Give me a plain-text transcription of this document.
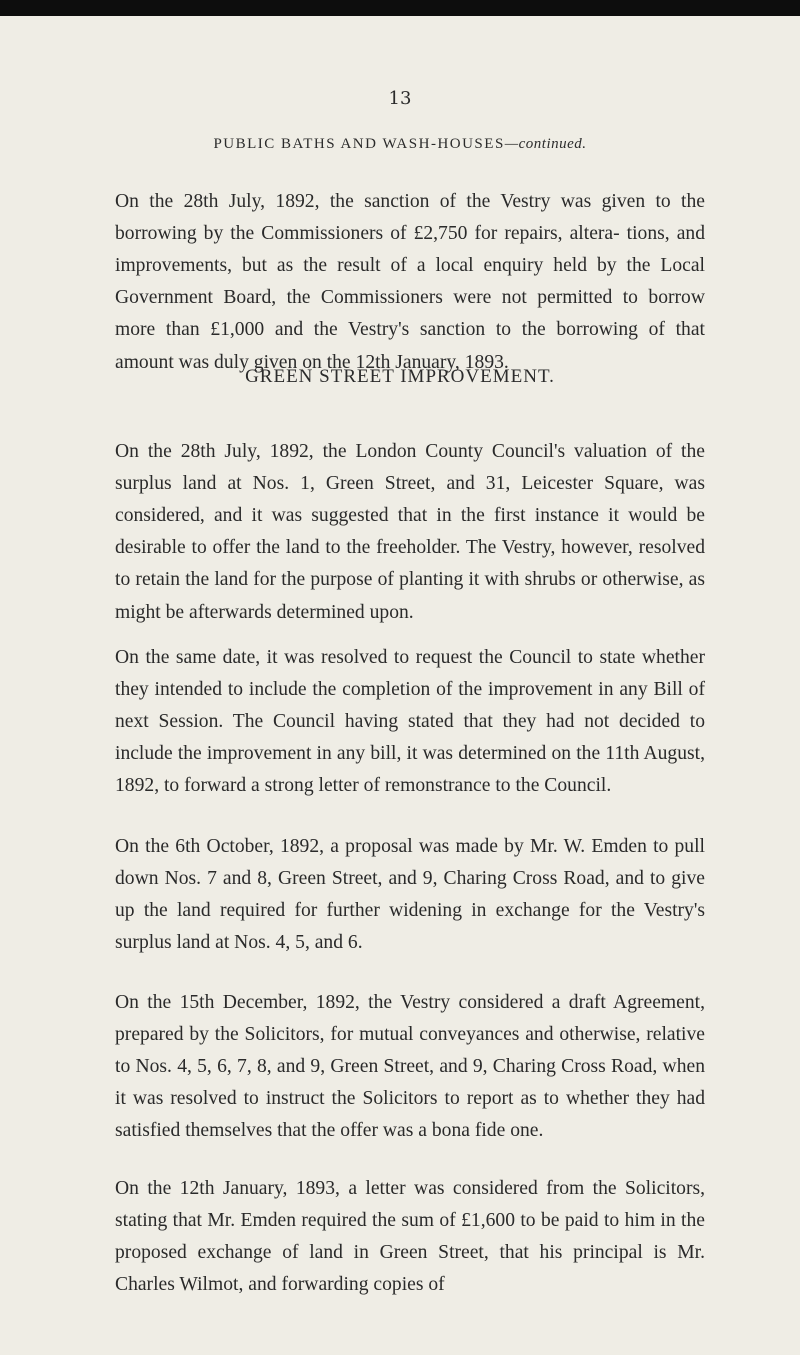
13
PUBLIC BATHS AND WASH-HOUSES—continued.

On the 28th July, 1892, the sanction of the Vestry was given to the borrowing by the Commissioners of £2,750 for repairs, altera- tions, and improvements, but as the result of a local enquiry held by the Local Government Board, the Commissioners were not permitted to borrow more than £1,000 and the Vestry's sanction to the borrowing of that amount was duly given on the 12th January, 1893.

GREEN STREET IMPROVEMENT.

On the 28th July, 1892, the London County Council's valuation of the surplus land at Nos. 1, Green Street, and 31, Leicester Square, was considered, and it was suggested that in the first instance it would be desirable to offer the land to the freeholder. The Vestry, however, resolved to retain the land for the purpose of planting it with shrubs or otherwise, as might be afterwards determined upon.

On the same date, it was resolved to request the Council to state whether they intended to include the completion of the improvement in any Bill of next Session. The Council having stated that they had not decided to include the improvement in any bill, it was determined on the 11th August, 1892, to forward a strong letter of remonstrance to the Council.

On the 6th October, 1892, a proposal was made by Mr. W. Emden to pull down Nos. 7 and 8, Green Street, and 9, Charing Cross Road, and to give up the land required for further widening in exchange for the Vestry's surplus land at Nos. 4, 5, and 6.

On the 15th December, 1892, the Vestry considered a draft Agreement, prepared by the Solicitors, for mutual conveyances and otherwise, relative to Nos. 4, 5, 6, 7, 8, and 9, Green Street, and 9, Charing Cross Road, when it was resolved to instruct the Solicitors to report as to whether they had satisfied themselves that the offer was a bona fide one.

On the 12th January, 1893, a letter was considered from the Solicitors, stating that Mr. Emden required the sum of £1,600 to be paid to him in the proposed exchange of land in Green Street, that his principal is Mr. Charles Wilmot, and forwarding copies of
